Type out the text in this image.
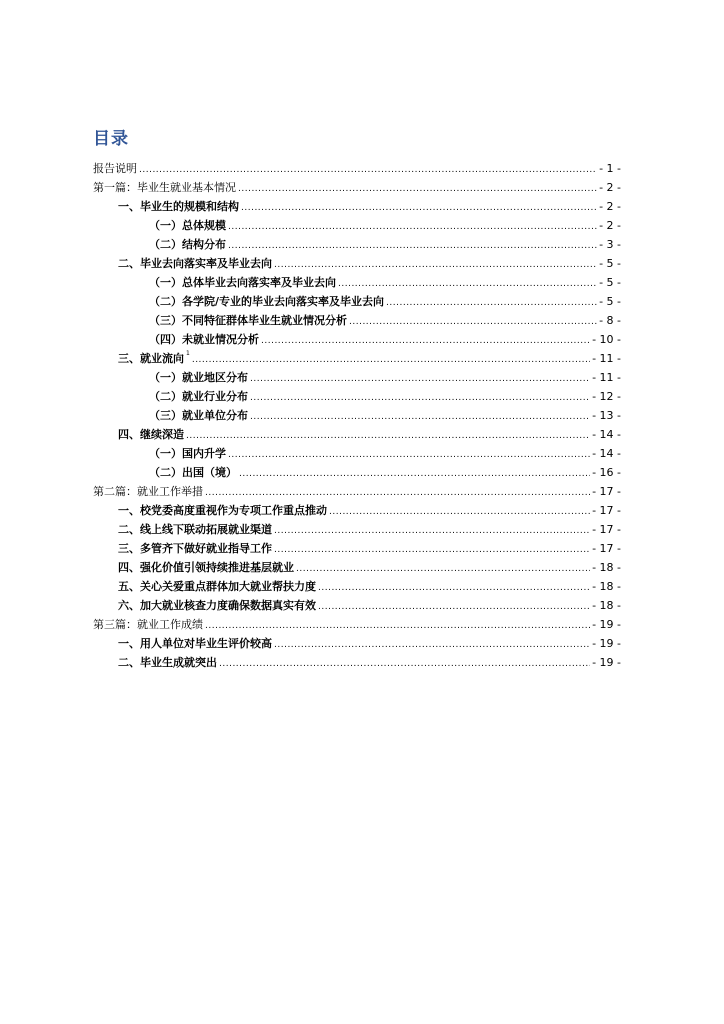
目录
报告说明 .....	- 1 -
第一篇：毕业生就业基本情况 .....	- 2 -
一、毕业生的规模和结构 .....	- 2 -
（一）总体规模 .....	- 2 -
（二）结构分布 .....	- 3 -
二、毕业去向落实率及毕业去向 .....	- 5 -
（一）总体毕业去向落实率及毕业去向 .....	- 5 -
（二）各学院/专业的毕业去向落实率及毕业去向 .....	- 5 -
（三）不同特征群体毕业生就业情况分析 .....	- 8 -
（四）未就业情况分析 .....	- 10 -
三、就业流向 $^1$ .....	- 11 -
（一）就业地区分布 .....	- 11 -
（二）就业行业分布 .....	- 12 -
（三）就业单位分布 .....	- 13 -
四、继续深造 .....	- 14 -
（一）国内升学 .....	- 14 -
（二）出国（境） .....	- 16 -
第二篇：就业工作举措 .....	- 17 -
一、校党委高度重视作为专项工作重点推动 .....	- 17 -
二、线上线下联动拓展就业渠道 .....	- 17 -
三、多管齐下做好就业指导工作 .....	- 17 -
四、强化价值引领持续推进基层就业 .....	- 18 -
五、关心关爱重点群体加大就业帮扶力度 .....	- 18 -
六、加大就业核查力度确保数据真实有效 .....	- 18 -
第三篇：就业工作成绩 .....	- 19 -
一、用人单位对毕业生评价较高 .....	- 19 -
二、毕业生成就突出 .....	- 19 -
